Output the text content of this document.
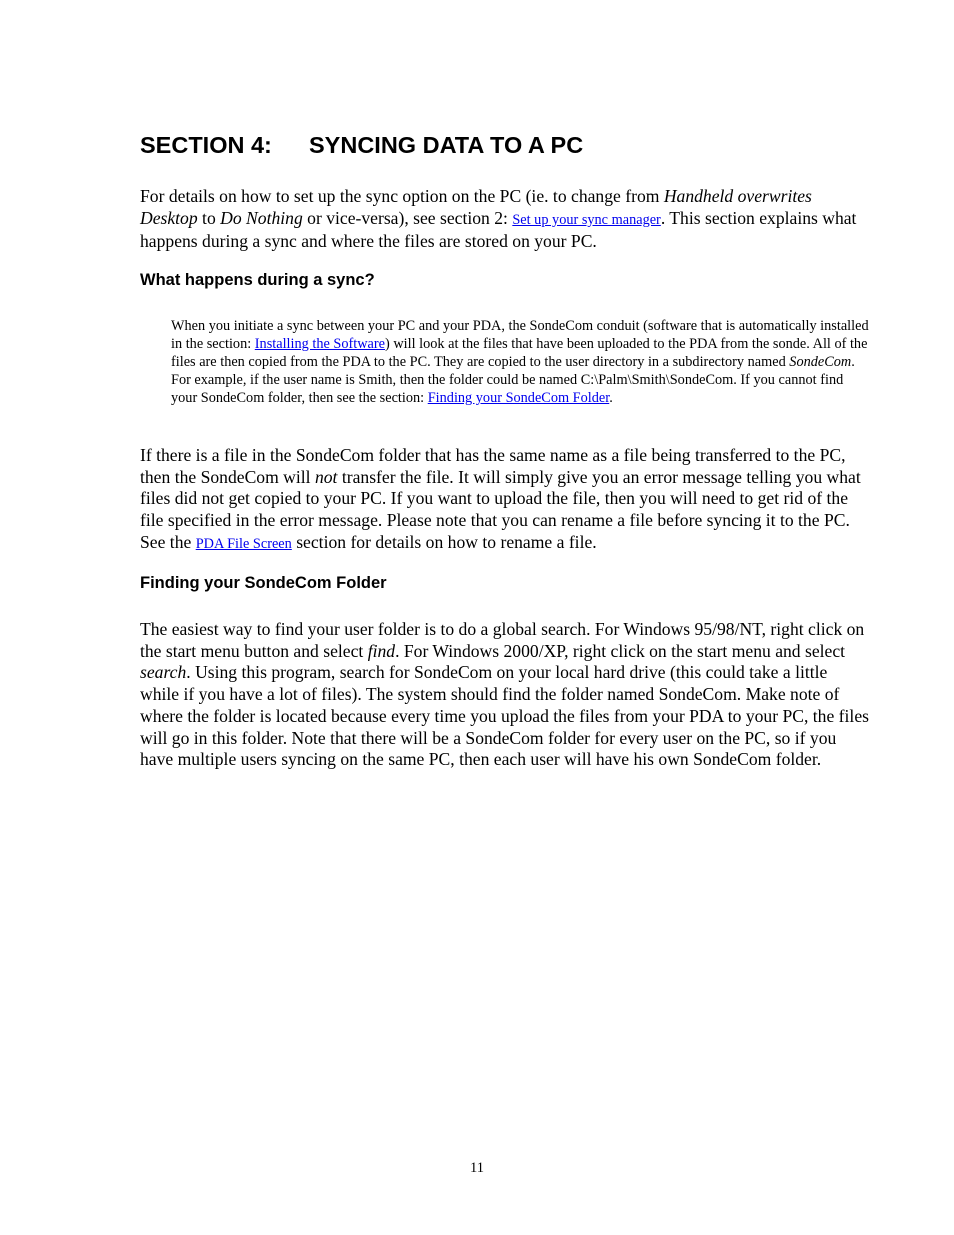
SECTION 4: SYNCING DATA TO A PC

For details on how to set up the sync option on the PC (ie. to change from Handheld overwrites Desktop to Do Nothing or vice-versa), see section 2: Set up your sync manager. This section explains what happens during a sync and where the files are stored on your PC.

What happens during a sync?

When you initiate a sync between your PC and your PDA, the SondeCom conduit (software that is automatically installed in the section: Installing the Software) will look at the files that have been uploaded to the PDA from the sonde. All of the files are then copied from the PDA to the PC. They are copied to the user directory in a subdirectory named SondeCom. For example, if the user name is Smith, then the folder could be named C:\Palm\Smith\SondeCom. If you cannot find your SondeCom folder, then see the section: Finding your SondeCom Folder.

If there is a file in the SondeCom folder that has the same name as a file being transferred to the PC, then the SondeCom will not transfer the file. It will simply give you an error message telling you what files did not get copied to your PC. If you want to upload the file, then you will need to get rid of the file specified in the error message. Please note that you can rename a file before syncing it to the PC. See the PDA File Screen section for details on how to rename a file.

Finding your SondeCom Folder

The easiest way to find your user folder is to do a global search. For Windows 95/98/NT, right click on the start menu button and select find. For Windows 2000/XP, right click on the start menu and select search. Using this program, search for SondeCom on your local hard drive (this could take a little while if you have a lot of files). The system should find the folder named SondeCom. Make note of where the folder is located because every time you upload the files from your PDA to your PC, the files will go in this folder. Note that there will be a SondeCom folder for every user on the PC, so if you have multiple users syncing on the same PC, then each user will have his own SondeCom folder.

11
